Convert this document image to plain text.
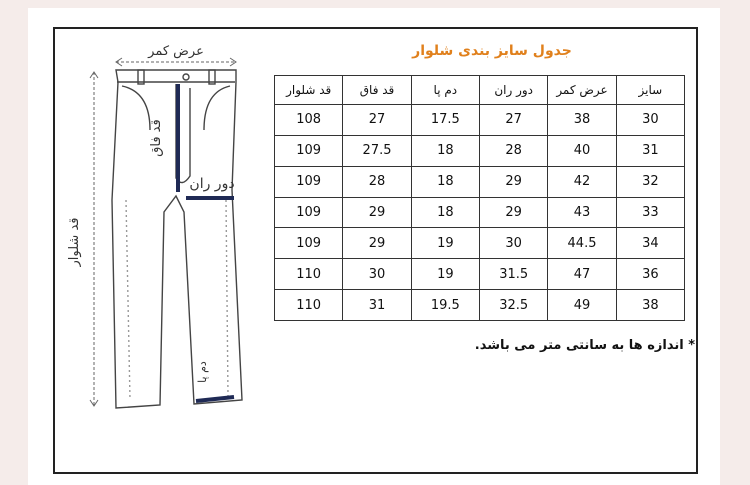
عرض کمر
قد فاق
دور ران
قد شلوار
دم پا
جدول سایز بندی شلوار
سایز	عرض کمر	دور ران	دم پا	قد فاق	قد شلوار
30	38	27	17.5	27	108
31	40	28	18	27.5	109
32	42	29	18	28	109
33	43	29	18	29	109
34	44.5	30	19	29	109
36	47	31.5	19	30	110
38	49	32.5	19.5	31	110
* اندازه ها به سانتی متر می باشد.
